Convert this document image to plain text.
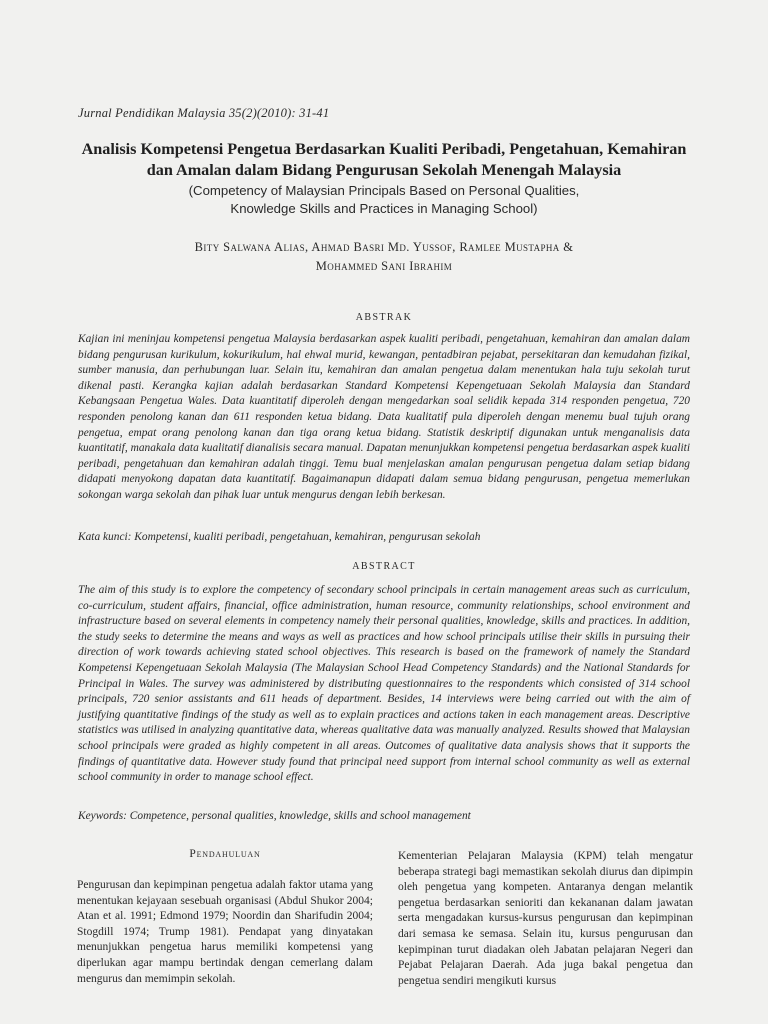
Jurnal Pendidikan Malaysia 35(2)(2010): 31-41
Analisis Kompetensi Pengetua Berdasarkan Kualiti Peribadi, Pengetahuan, Kemahiran
dan Amalan dalam Bidang Pengurusan Sekolah Menengah Malaysia
(Competency of Malaysian Principals Based on Personal Qualities,
Knowledge Skills and Practices in Managing School)
Bity Salwana Alias, Ahmad Basri Md. Yussof, Ramlee Mustapha &
Mohammed Sani Ibrahim
ABSTRAK

Kajian ini meninjau kompetensi pengetua Malaysia berdasarkan aspek kualiti peribadi, pengetahuan, kemahiran dan amalan dalam bidang pengurusan kurikulum, kokurikulum, hal ehwal murid, kewangan, pentadbiran pejabat, persekitaran dan kemudahan fizikal, sumber manusia, dan perhubungan luar. Selain itu, kemahiran dan amalan pengetua dalam menentukan hala tuju sekolah turut dikenal pasti. Kerangka kajian adalah berdasarkan Standard Kompetensi Kepengetuaan Sekolah Malaysia dan Standard Kebangsaan Pengetua Wales. Data kuantitatif diperoleh dengan mengedarkan soal selidik kepada 314 responden pengetua, 720 responden penolong kanan dan 611 responden ketua bidang. Data kualitatif pula diperoleh dengan menemu bual tujuh orang pengetua, empat orang penolong kanan dan tiga orang ketua bidang. Statistik deskriptif digunakan untuk menganalisis data kuantitatif, manakala data kualitatif dianalisis secara manual. Dapatan menunjukkan kompetensi pengetua berdasarkan aspek kualiti peribadi, pengetahuan dan kemahiran adalah tinggi. Temu bual menjelaskan amalan pengurusan pengetua dalam setiap bidang didapati menyokong dapatan data kuantitatif. Bagaimanapun didapati dalam semua bidang pengurusan, pengetua memerlukan sokongan warga sekolah dan pihak luar untuk mengurus dengan lebih berkesan.

Kata kunci: Kompetensi, kualiti peribadi, pengetahuan, kemahiran, pengurusan sekolah
ABSTRACT

The aim of this study is to explore the competency of secondary school principals in certain management areas such as curriculum, co-curriculum, student affairs, financial, office administration, human resource, community relationships, school environment and infrastructure based on several elements in competency namely their personal qualities, knowledge, skills and practices. In addition, the study seeks to determine the means and ways as well as practices and how school principals utilise their skills in pursuing their direction of work towards achieving stated school objectives. This research is based on the framework of namely the Standard Kompetensi Kepengetuaan Sekolah Malaysia (The Malaysian School Head Competency Standards) and the National Standards for Principal in Wales. The survey was administered by distributing questionnaires to the respondents which consisted of 314 school principals, 720 senior assistants and 611 heads of department. Besides, 14 interviews were being carried out with the aim of justifying quantitative findings of the study as well as to explain practices and actions taken in each management areas. Descriptive statistics was utilised in analyzing quantitative data, whereas qualitative data was manually analyzed. Results showed that Malaysian school principals were graded as highly competent in all areas. Outcomes of qualitative data analysis shows that it supports the findings of quantitative data. However study found that principal need support from internal school community as well as external school community in order to manage school effect.

Keywords: Competence, personal qualities, knowledge, skills and school management
Pendahuluan

Pengurusan dan kepimpinan pengetua adalah faktor utama yang menentukan kejayaan sesebuah organisasi (Abdul Shukor 2004; Atan et al. 1991; Edmond 1979; Noordin dan Sharifudin 2004; Stogdill 1974; Trump 1981). Pendapat yang dinyatakan menunjukkan pengetua harus memiliki kompetensi yang diperlukan agar mampu bertindak dengan cemerlang dalam mengurus dan memimpin sekolah.

Kementerian Pelajaran Malaysia (KPM) telah mengatur beberapa strategi bagi memastikan sekolah diurus dan dipimpin oleh pengetua yang kompeten. Antaranya dengan melantik pengetua berdasarkan senioriti dan kekananan dalam jawatan serta mengadakan kursus-kursus pengurusan dan kepimpinan dari semasa ke semasa. Selain itu, kursus pengurusan dan kepimpinan turut diadakan oleh Jabatan pelajaran Negeri dan Pejabat Pelajaran Daerah. Ada juga bakal pengetua dan pengetua sendiri mengikuti kursus
